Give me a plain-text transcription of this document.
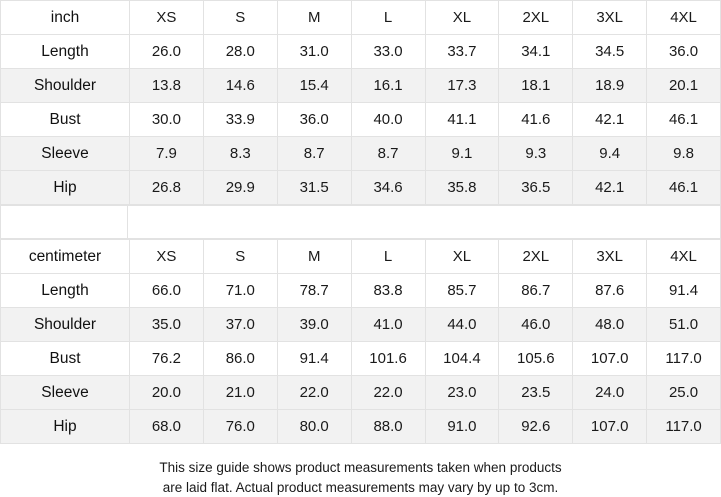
inch	XS	S	M	L	XL	2XL	3XL	4XL
Length	26.0	28.0	31.0	33.0	33.7	34.1	34.5	36.0
Shoulder	13.8	14.6	15.4	16.1	17.3	18.1	18.9	20.1
Bust	30.0	33.9	36.0	40.0	41.1	41.6	42.1	46.1
Sleeve	7.9	8.3	8.7	8.7	9.1	9.3	9.4	9.8
Hip	26.8	29.9	31.5	34.6	35.8	36.5	42.1	46.1
centimeter	XS	S	M	L	XL	2XL	3XL	4XL
Length	66.0	71.0	78.7	83.8	85.7	86.7	87.6	91.4
Shoulder	35.0	37.0	39.0	41.0	44.0	46.0	48.0	51.0
Bust	76.2	86.0	91.4	101.6	104.4	105.6	107.0	117.0
Sleeve	20.0	21.0	22.0	22.0	23.0	23.5	24.0	25.0
Hip	68.0	76.0	80.0	88.0	91.0	92.6	107.0	117.0
This size guide shows product measurements taken when products
are laid flat. Actual product measurements may vary by up to 3cm.
